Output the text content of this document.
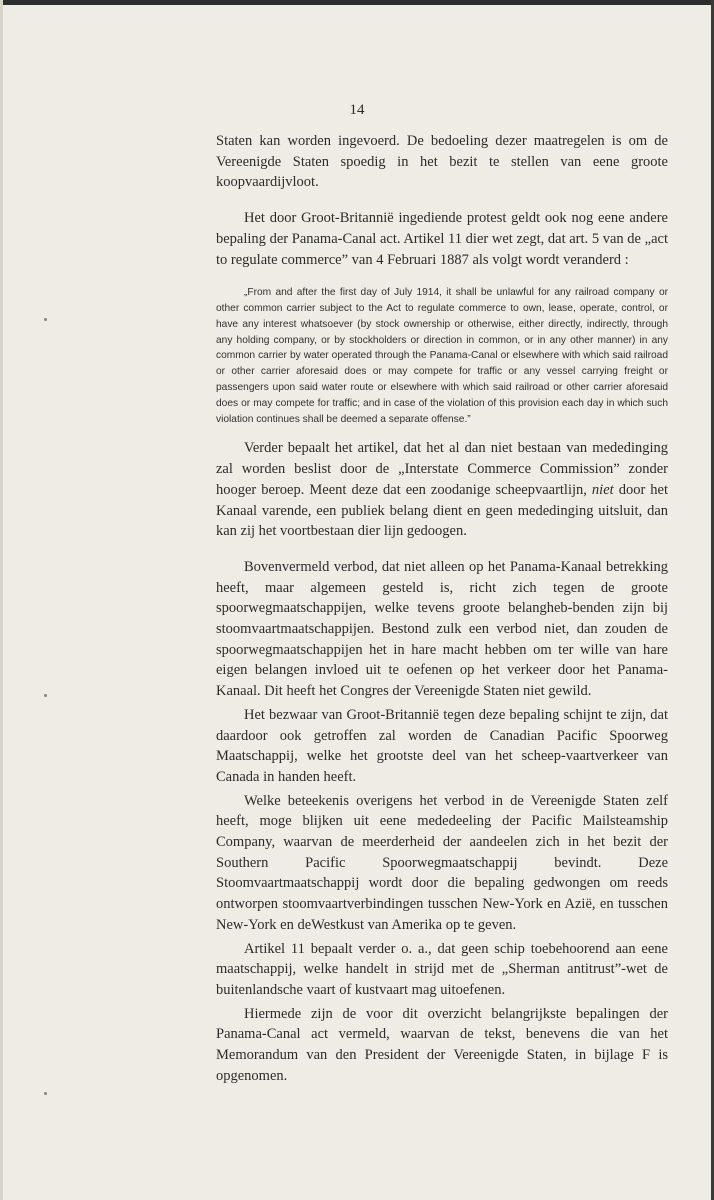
14

Staten kan worden ingevoerd. De bedoeling dezer maatregelen is om de Vereenigde Staten spoedig in het bezit te stellen van eene groote koopvaardijvloot.

Het door Groot-Britannië ingediende protest geldt ook nog eene andere bepaling der Panama-Canal act. Artikel 11 dier wet zegt, dat art. 5 van de „act to regulate commerce” van 4 Februari 1887 als volgt wordt veranderd :

„From and after the first day of July 1914, it shall be unlawful for any railroad company or other common carrier subject to the Act to regulate commerce to own, lease, operate, control, or have any interest whatsoever (by stock ownership or otherwise, either directly, indirectly, through any holding company, or by stockholders or direction in common, or in any other manner) in any common carrier by water operated through the Panama-Canal or elsewhere with which said railroad or other carrier aforesaid does or may compete for traffic or any vessel carrying freight or passengers upon said water route or elsewhere with which said railroad or other carrier aforesaid does or may compete for traffic; and in case of the violation of this provision each day in which such violation continues shall be deemed a separate offense.”

Verder bepaalt het artikel, dat het al dan niet bestaan van mededinging zal worden beslist door de „Interstate Commerce Commission” zonder hooger beroep. Meent deze dat een zoodanige scheepvaartlijn, niet door het Kanaal varende, een publiek belang dient en geen mededinging uitsluit, dan kan zij het voortbestaan dier lijn gedoogen.

Bovenvermeld verbod, dat niet alleen op het Panama-Kanaal betrekking heeft, maar algemeen gesteld is, richt zich tegen de groote spoorwegmaatschappijen, welke tevens groote belangheb-benden zijn bij stoomvaartmaatschappijen. Bestond zulk een verbod niet, dan zouden de spoorwegmaatschappijen het in hare macht hebben om ter wille van hare eigen belangen invloed uit te oefenen op het verkeer door het Panama-Kanaal. Dit heeft het Congres der Vereenigde Staten niet gewild.

Het bezwaar van Groot-Britannië tegen deze bepaling schijnt te zijn, dat daardoor ook getroffen zal worden de Canadian Pacific Spoorweg Maatschappij, welke het grootste deel van het scheep-vaartverkeer van Canada in handen heeft.

Welke beteekenis overigens het verbod in de Vereenigde Staten zelf heeft, moge blijken uit eene mededeeling der Pacific Mailsteamship Company, waarvan de meerderheid der aandeelen zich in het bezit der Southern Pacific Spoorwegmaatschappij bevindt. Deze Stoomvaartmaatschappij wordt door die bepaling gedwongen om reeds ontworpen stoomvaartverbindingen tusschen New-York en Azië, en tusschen New-York en deWestkust van Amerika op te geven.

Artikel 11 bepaalt verder o. a., dat geen schip toebehoorend aan eene maatschappij, welke handelt in strijd met de „Sherman antitrust”-wet de buitenlandsche vaart of kustvaart mag uitoefenen.

Hiermede zijn de voor dit overzicht belangrijkste bepalingen der Panama-Canal act vermeld, waarvan de tekst, benevens die van het Memorandum van den President der Vereenigde Staten, in bijlage F is opgenomen.
